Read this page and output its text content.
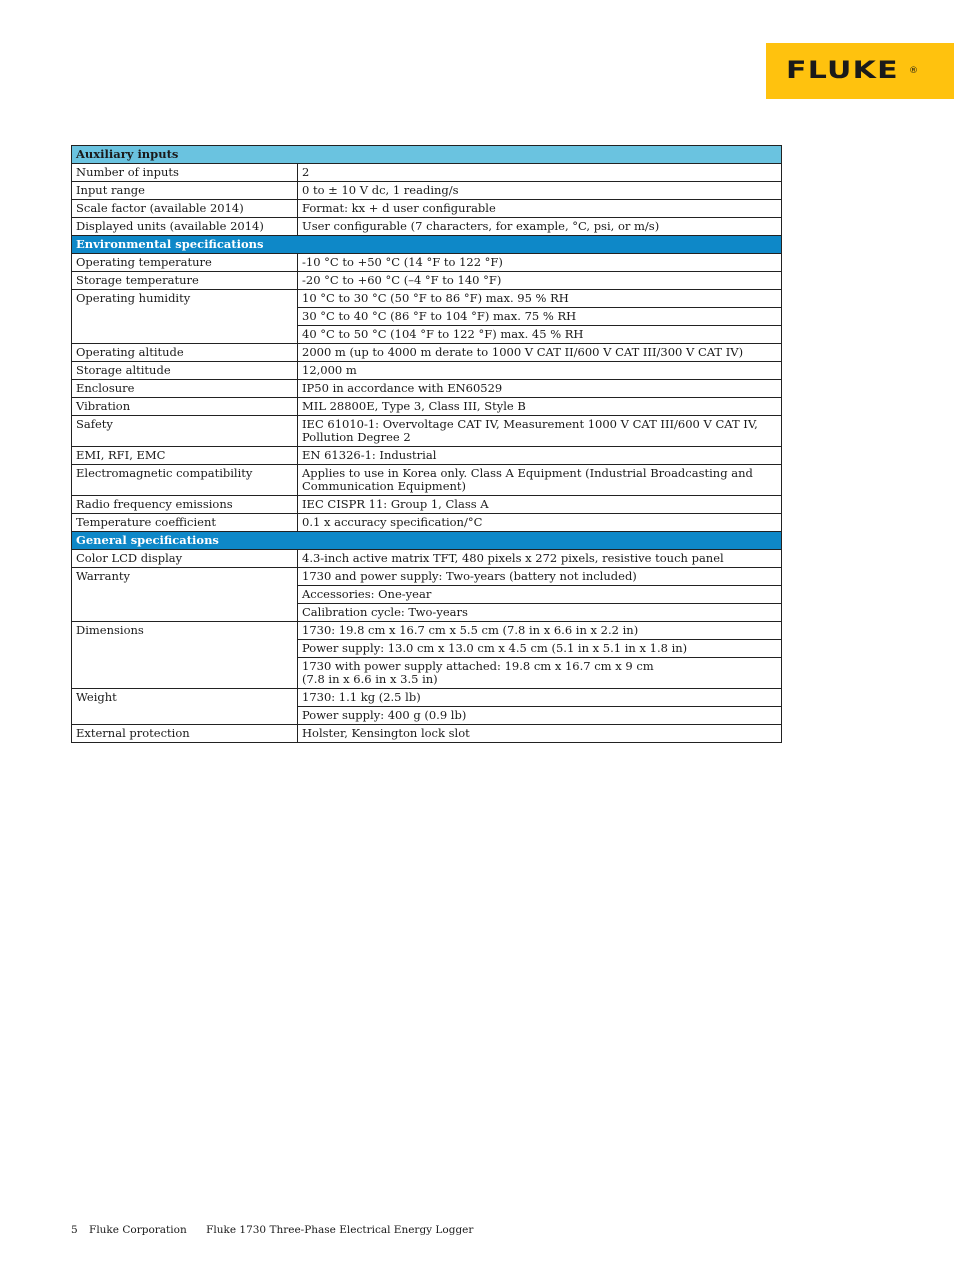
FLUKE ®
Auxiliary inputs	
Number of inputs	2
Input range	0 to ± 10 V dc, 1 reading/s
Scale factor (available 2014)	Format: kx + d user configurable
Displayed units (available 2014)	User configurable (7 characters, for example, °C, psi, or m/s)
Environmental specifications	
Operating temperature	-10 °C to +50 °C (14 °F to 122 °F)
Storage temperature	-20 °C to +60 °C (–4 °F to 140 °F)
Operating humidity	10 °C to 30 °C (50 °F to 86 °F) max. 95 % RH
	30 °C to 40 °C (86 °F to 104 °F) max. 75 % RH
	40 °C to 50 °C (104 °F to 122 °F) max. 45 % RH
Operating altitude	2000 m (up to 4000 m derate to 1000 V CAT II/600 V CAT III/300 V CAT IV)
Storage altitude	12,000 m
Enclosure	IP50 in accordance with EN60529
Vibration	MIL 28800E, Type 3, Class III, Style B
Safety	IEC 61010-1: Overvoltage CAT IV, Measurement 1000 V CAT III/600 V CAT IV,
Pollution Degree 2
EMI, RFI, EMC	EN 61326-1: Industrial
Electromagnetic compatibility	Applies to use in Korea only. Class A Equipment (Industrial Broadcasting and
Communication Equipment)
Radio frequency emissions	IEC CISPR 11: Group 1, Class A
Temperature coefficient	0.1 x accuracy specification/°C
General specifications	
Color LCD display	4.3-inch active matrix TFT, 480 pixels x 272 pixels, resistive touch panel
Warranty	1730 and power supply: Two-years (battery not included)
	Accessories: One-year
	Calibration cycle: Two-years
Dimensions	1730: 19.8 cm x 16.7 cm x 5.5 cm (7.8 in x 6.6 in x 2.2 in)
	Power supply: 13.0 cm x 13.0 cm x 4.5 cm (5.1 in x 5.1 in x 1.8 in)
	1730 with power supply attached: 19.8 cm x 16.7 cm x 9 cm
(7.8 in x 6.6 in x 3.5 in)
Weight	1730: 1.1 kg (2.5 lb)
	Power supply: 400 g (0.9 lb)
External protection	Holster, Kensington lock slot
5 Fluke Corporation Fluke 1730 Three-Phase Electrical Energy Logger
